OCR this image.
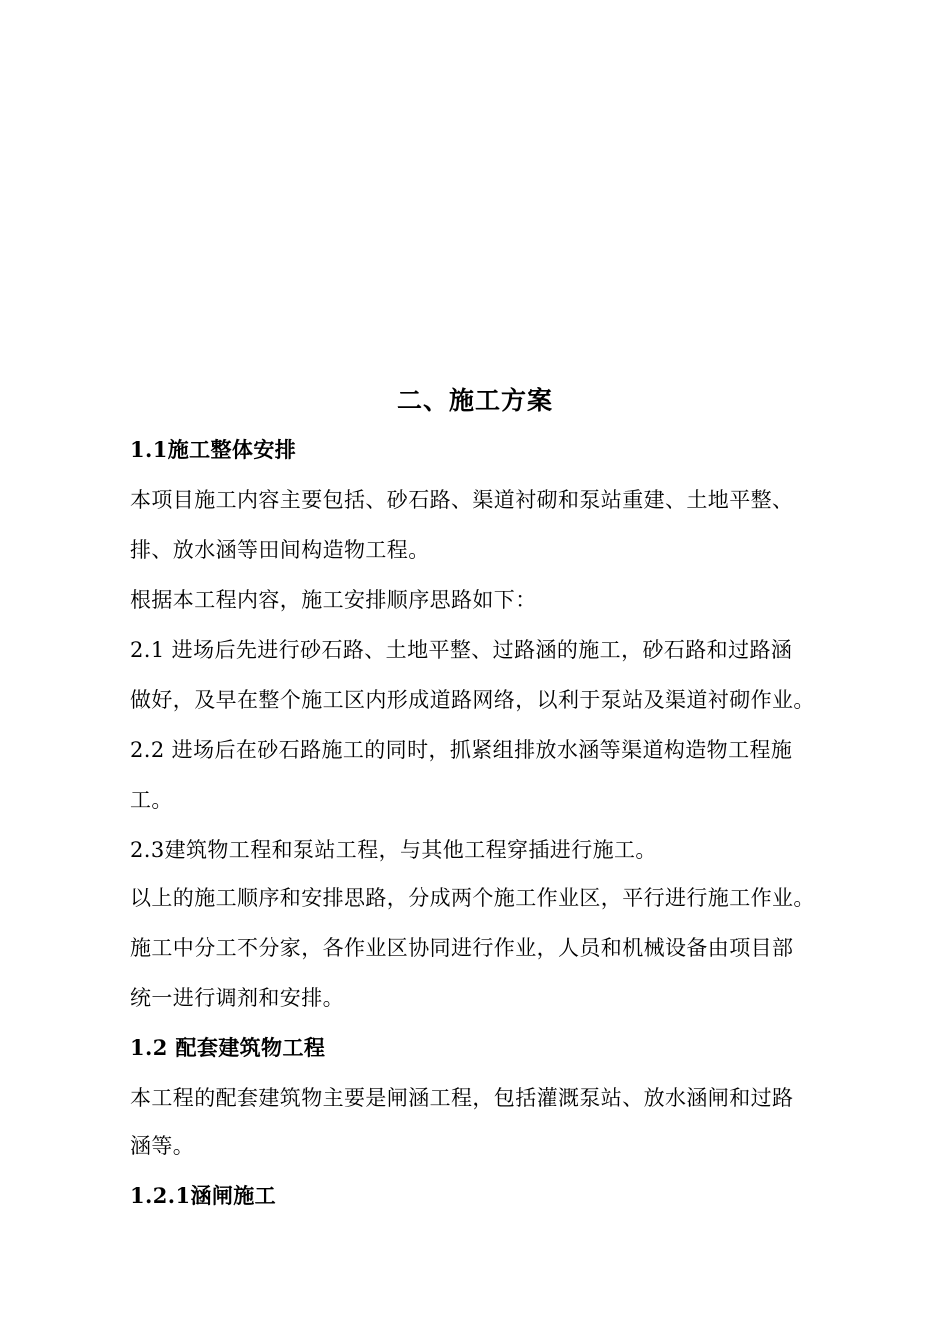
二、施工方案
1.1施工整体安排
本项目施工内容主要包括、砂石路、渠道衬砌和泵站重建、土地平整、
排、放水涵等田间构造物工程。
根据本工程内容，施工安排顺序思路如下：
2.1 进场后先进行砂石路、土地平整、过路涵的施工，砂石路和过路涵
做好，及早在整个施工区内形成道路网络，以利于泵站及渠道衬砌作业。
2.2 进场后在砂石路施工的同时，抓紧组排放水涵等渠道构造物工程施
工。
2.3建筑物工程和泵站工程，与其他工程穿插进行施工。
以上的施工顺序和安排思路，分成两个施工作业区，平行进行施工作业。
施工中分工不分家，各作业区协同进行作业，人员和机械设备由项目部
统一进行调剂和安排。
1.2 配套建筑物工程
本工程的配套建筑物主要是闸涵工程，包括灌溉泵站、放水涵闸和过路
涵等。
1.2.1涵闸施工
